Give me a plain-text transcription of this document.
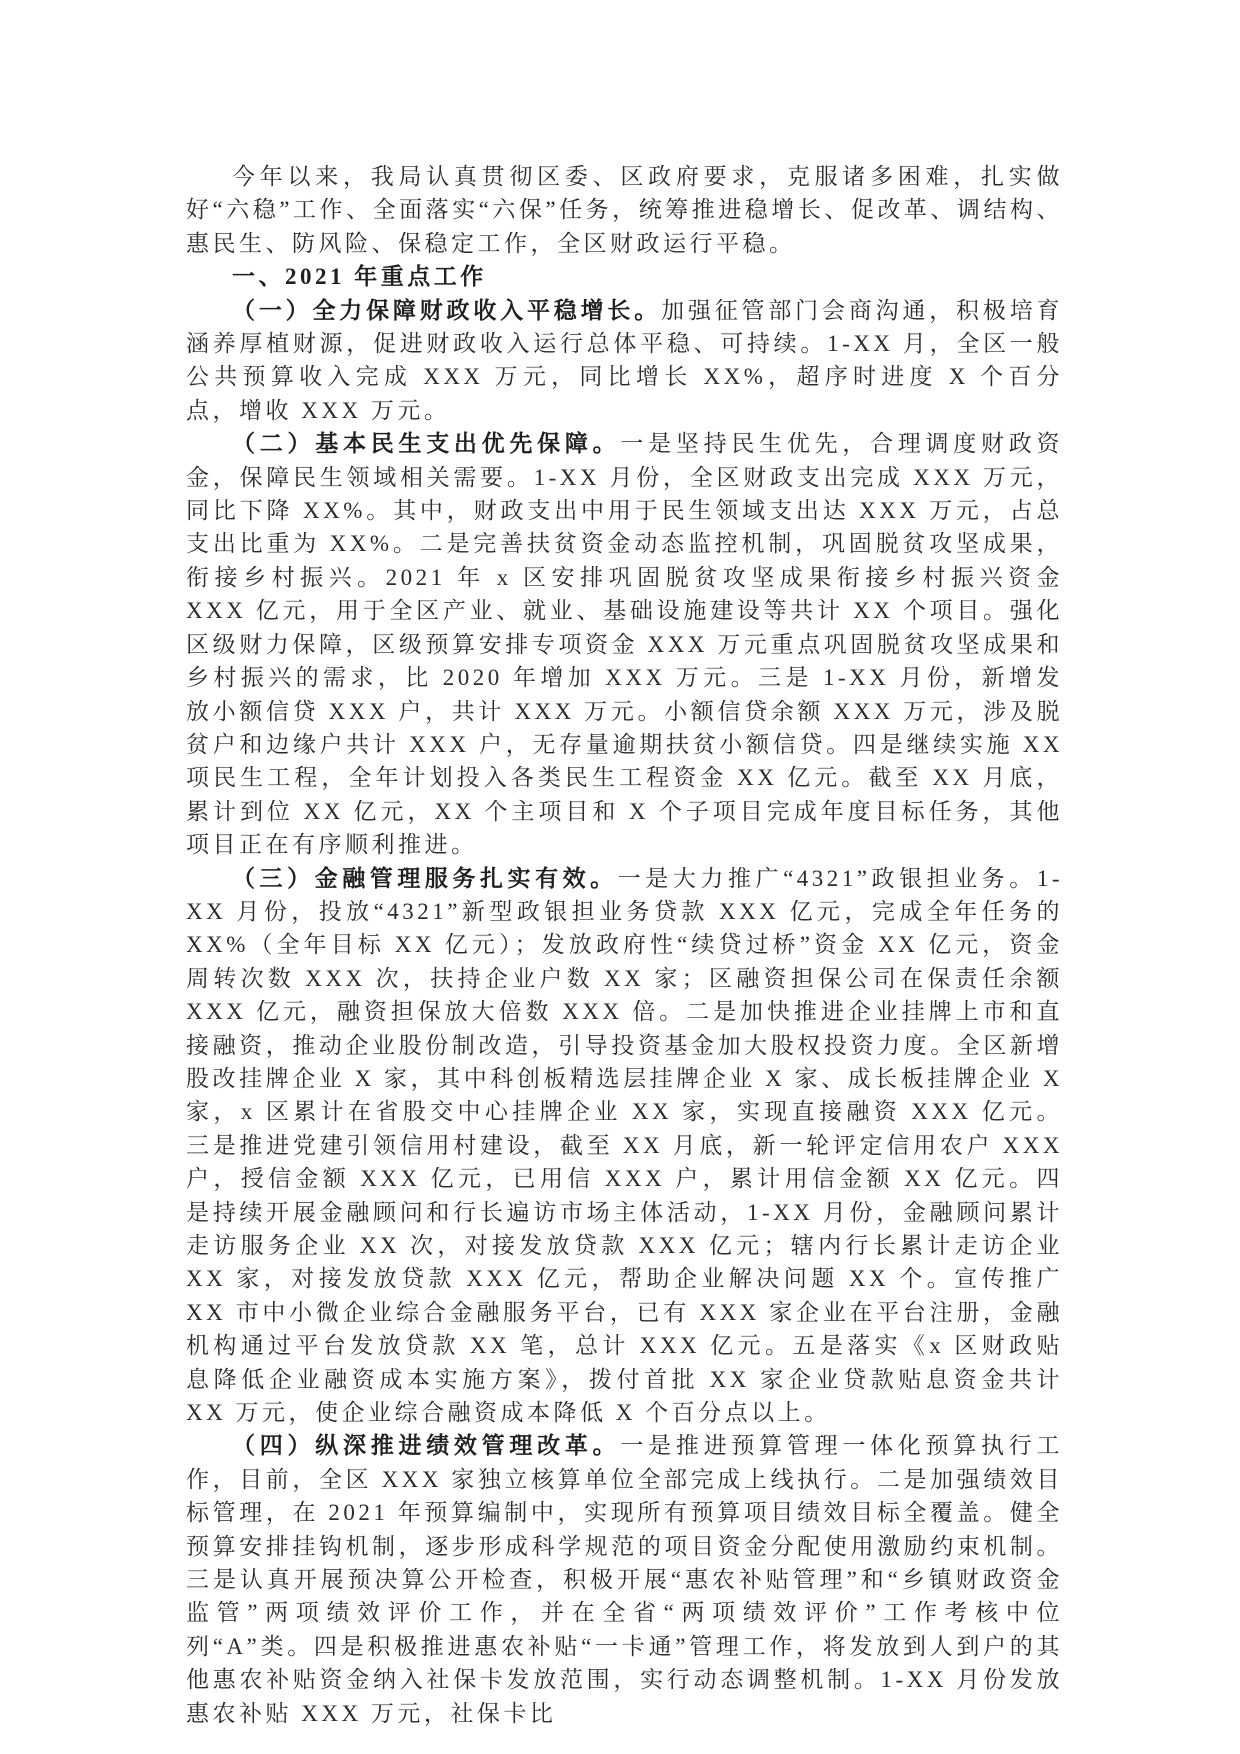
今年以来，我局认真贯彻区委、区政府要求，克服诸多困难，扎实做好“六稳”工作、全面落实“六保”任务，统筹推进稳增长、促改革、调结构、惠民生、防风险、保稳定工作，全区财政运行平稳。

一、2021 年重点工作

（一）全力保障财政收入平稳增长。加强征管部门会商沟通，积极培育涵养厚植财源，促进财政收入运行总体平稳、可持续。1-XX 月，全区一般公共预算收入完成 XXX 万元，同比增长 XX%，超序时进度 X 个百分点，增收 XXX 万元。

（二）基本民生支出优先保障。一是坚持民生优先，合理调度财政资金，保障民生领域相关需要。1-XX 月份，全区财政支出完成 XXX 万元，同比下降 XX%。其中，财政支出中用于民生领域支出达 XXX 万元，占总支出比重为 XX%。二是完善扶贫资金动态监控机制，巩固脱贫攻坚成果，衔接乡村振兴。2021 年 x 区安排巩固脱贫攻坚成果衔接乡村振兴资金 XXX 亿元，用于全区产业、就业、基础设施建设等共计 XX 个项目。强化区级财力保障，区级预算安排专项资金 XXX 万元重点巩固脱贫攻坚成果和乡村振兴的需求，比 2020 年增加 XXX 万元。三是 1-XX 月份，新增发放小额信贷 XXX 户，共计 XXX 万元。小额信贷余额 XXX 万元，涉及脱贫户和边缘户共计 XXX 户，无存量逾期扶贫小额信贷。四是继续实施 XX 项民生工程，全年计划投入各类民生工程资金 XX 亿元。截至 XX 月底，累计到位 XX 亿元，XX 个主项目和 X 个子项目完成年度目标任务，其他项目正在有序顺利推进。

（三）金融管理服务扎实有效。一是大力推广“4321”政银担业务。1-XX 月份，投放“4321”新型政银担业务贷款 XXX 亿元，完成全年任务的 XX%（全年目标 XX 亿元）；发放政府性“续贷过桥”资金 XX 亿元，资金周转次数 XXX 次，扶持企业户数 XX 家；区融资担保公司在保责任余额 XXX 亿元，融资担保放大倍数 XXX 倍。二是加快推进企业挂牌上市和直接融资，推动企业股份制改造，引导投资基金加大股权投资力度。全区新增股改挂牌企业 X 家，其中科创板精选层挂牌企业 X 家、成长板挂牌企业 X 家，x 区累计在省股交中心挂牌企业 XX 家，实现直接融资 XXX 亿元。三是推进党建引领信用村建设，截至 XX 月底，新一轮评定信用农户 XXX 户，授信金额 XXX 亿元，已用信 XXX 户，累计用信金额 XX 亿元。四是持续开展金融顾问和行长遍访市场主体活动，1-XX 月份，金融顾问累计走访服务企业 XX 次，对接发放贷款 XXX 亿元；辖内行长累计走访企业 XX 家，对接发放贷款 XXX 亿元，帮助企业解决问题 XX 个。宣传推广 XX 市中小微企业综合金融服务平台，已有 XXX 家企业在平台注册，金融机构通过平台发放贷款 XX 笔，总计 XXX 亿元。五是落实《x 区财政贴息降低企业融资成本实施方案》，拨付首批 XX 家企业贷款贴息资金共计 XX 万元，使企业综合融资成本降低 X 个百分点以上。

（四）纵深推进绩效管理改革。一是推进预算管理一体化预算执行工作，目前，全区 XXX 家独立核算单位全部完成上线执行。二是加强绩效目标管理，在 2021 年预算编制中，实现所有预算项目绩效目标全覆盖。健全预算安排挂钩机制，逐步形成科学规范的项目资金分配使用激励约束机制。三是认真开展预决算公开检查，积极开展“惠农补贴管理”和“乡镇财政资金监管”两项绩效评价工作，并在全省“两项绩效评价”工作考核中位列“A”类。四是积极推进惠农补贴“一卡通”管理工作，将发放到人到户的其他惠农补贴资金纳入社保卡发放范围，实行动态调整机制。1-XX 月份发放惠农补贴 XXX 万元，社保卡比
